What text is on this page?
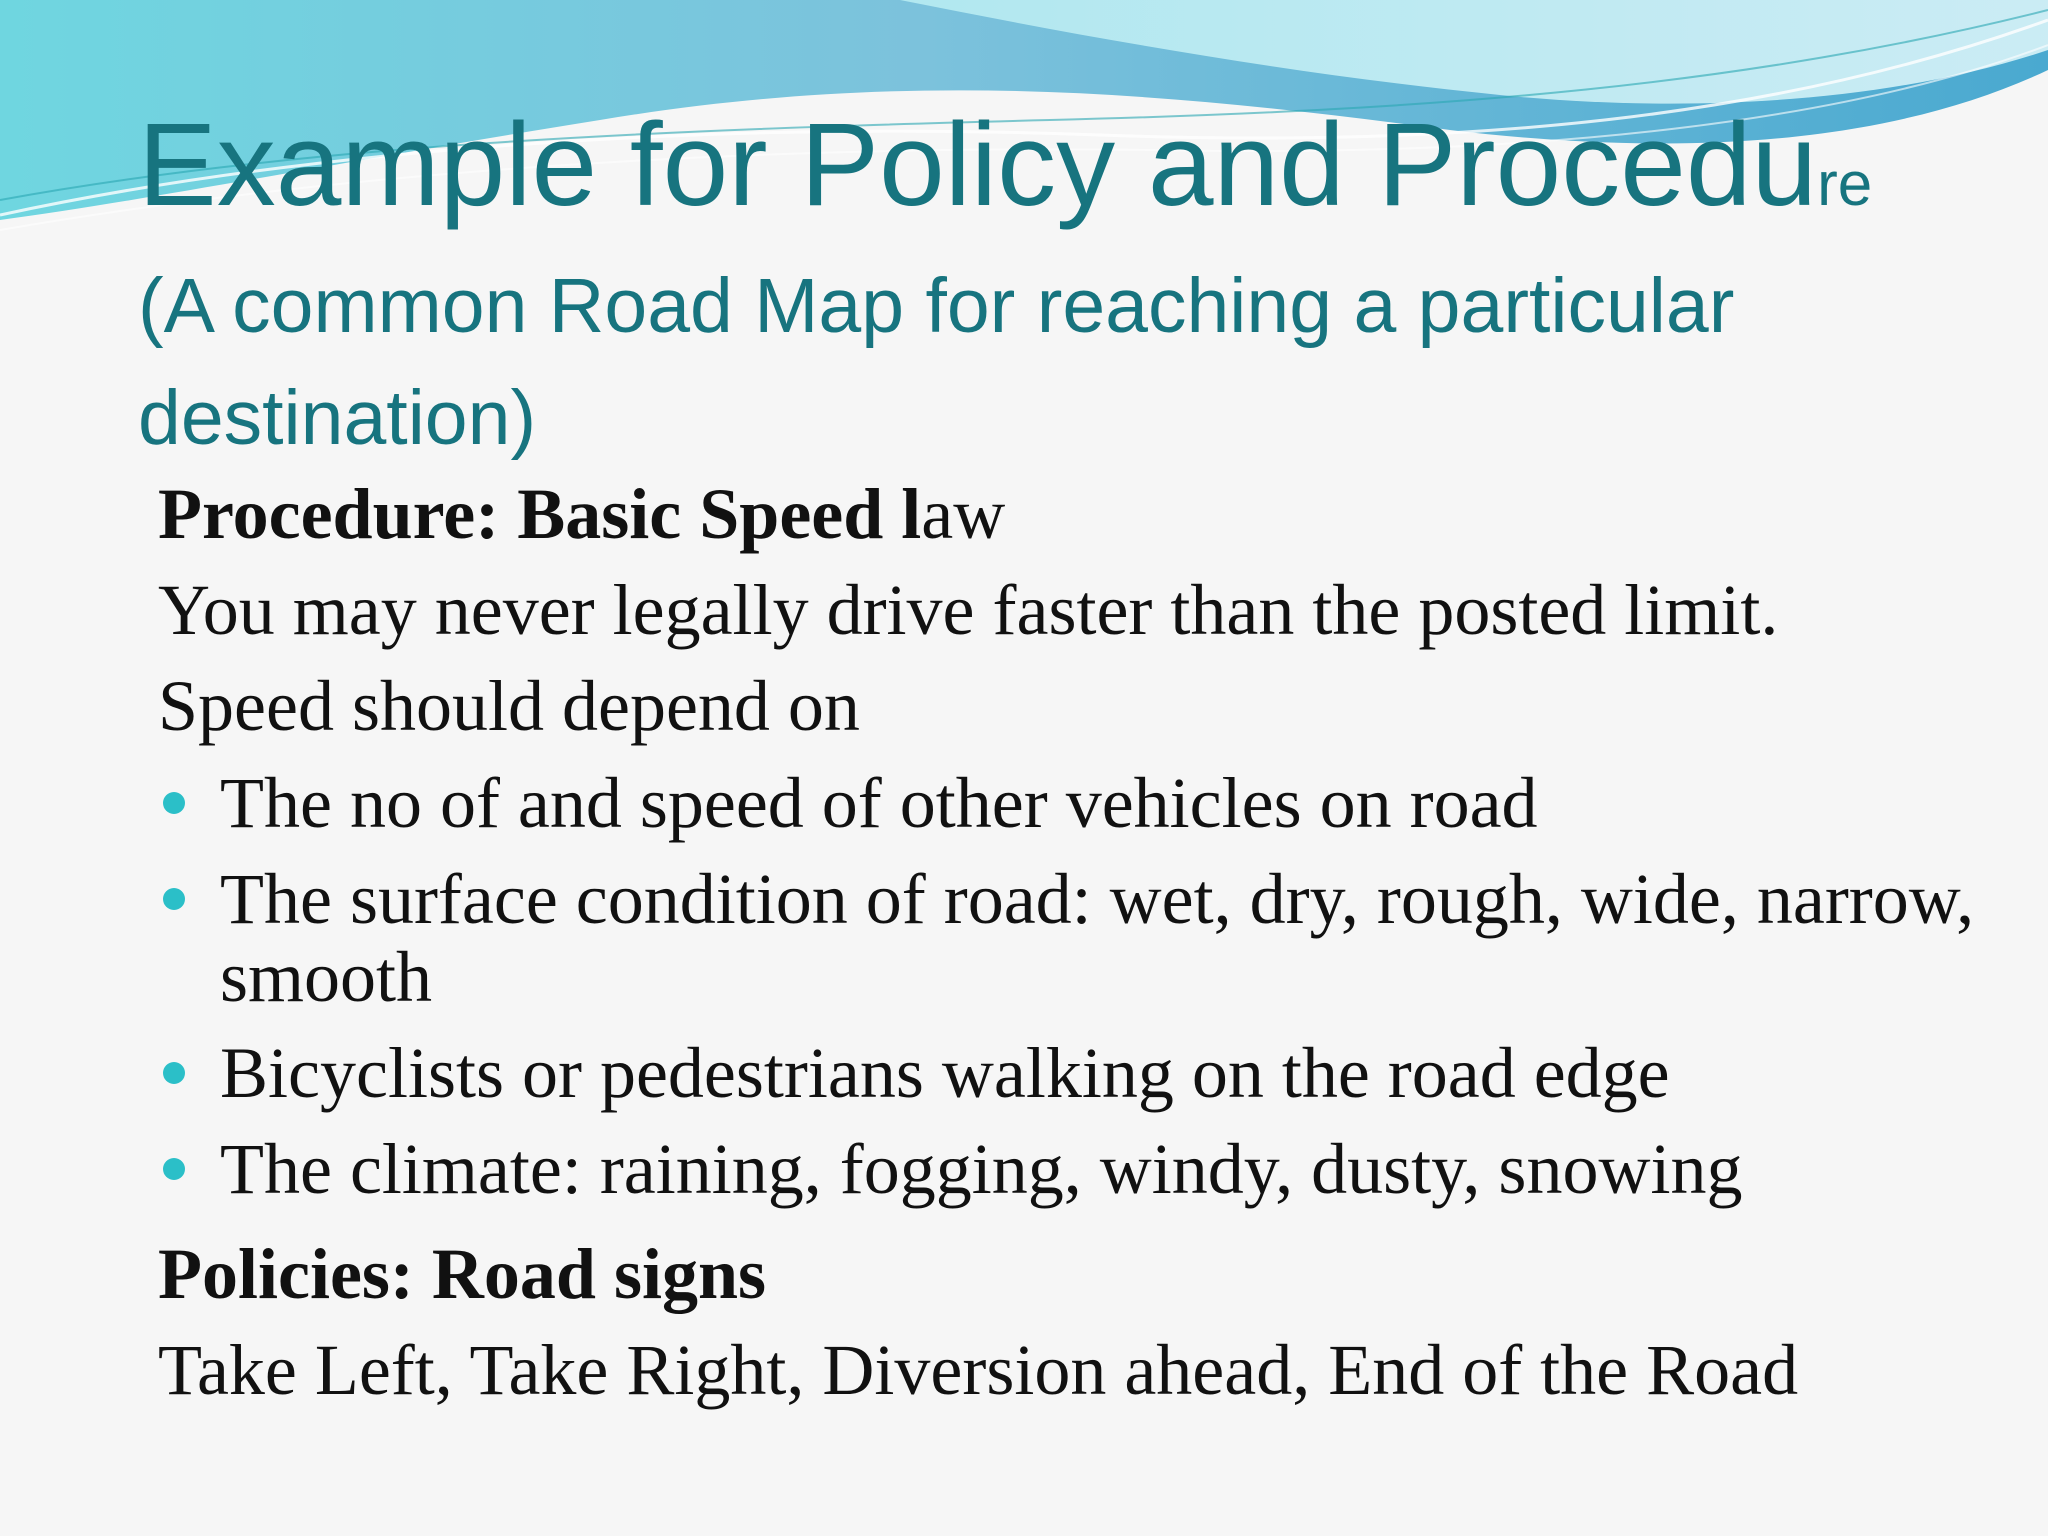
Example for Policy and Procedure
(A common Road Map for reaching a particular destination)
Procedure: Basic Speed law
You may never legally drive faster than the posted limit.
Speed should depend on
The no of and speed of other vehicles on road
The surface condition of road: wet, dry, rough, wide, narrow, smooth
Bicyclists or pedestrians walking on the road edge
The climate: raining, fogging, windy, dusty, snowing
Policies: Road signs
Take Left, Take Right, Diversion ahead, End of the Road
